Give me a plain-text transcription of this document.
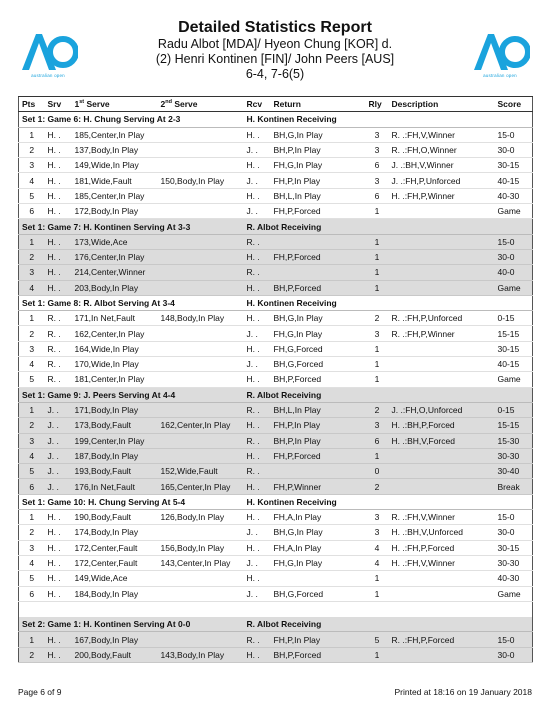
australian open
Detailed Statistics Report
Radu Albot [MDA]/ Hyeon Chung [KOR] d.
(2) Henri Kontinen [FIN]/ John Peers [AUS]
6-4, 7-6(5)	australian open
Pts	Srv	1st Serve	2nd Serve	Rcv	Return	Rly	Description	Score
Set 1: Game 6: H. Chung Serving At 2-3				H. Kontinen Receiving				
1	H. .	185,Center,In Play		H. .	BH,G,In Play	3	R. .:FH,V,Winner	15-0
2	H. .	137,Body,In Play		J. .	BH,P,In Play	3	R. .:FH,O,Winner	30-0
3	H. .	149,Wide,In Play		H. .	FH,G,In Play	6	J. .:BH,V,Winner	30-15
4	H. .	181,Wide,Fault	150,Body,In Play	J. .	FH,P,In Play	3	J. .:FH,P,Unforced	40-15
5	H. .	185,Center,In Play		H. .	BH,L,In Play	6	H. .:FH,P,Winner	40-30
6	H. .	172,Body,In Play		J. .	FH,P,Forced	1		Game
Set 1: Game 7: H. Kontinen Serving At 3-3				R. Albot Receiving				
1	H. .	173,Wide,Ace		R. .		1		15-0
2	H. .	176,Center,In Play		H. .	FH,P,Forced	1		30-0
3	H. .	214,Center,Winner		R. .		1		40-0
4	H. .	203,Body,In Play		H. .	BH,P,Forced	1		Game
Set 1: Game 8: R. Albot Serving At 3-4				H. Kontinen Receiving				
1	R. .	171,In Net,Fault	148,Body,In Play	H. .	BH,G,In Play	2	R. .:FH,P,Unforced	0-15
2	R. .	162,Center,In Play		J. .	FH,G,In Play	3	R. .:FH,P,Winner	15-15
3	R. .	164,Wide,In Play		H. .	FH,G,Forced	1		30-15
4	R. .	170,Wide,In Play		J. .	BH,G,Forced	1		40-15
5	R. .	181,Center,In Play		H. .	BH,P,Forced	1		Game
Set 1: Game 9: J. Peers Serving At 4-4				R. Albot Receiving				
1	J. .	171,Body,In Play		R. .	BH,L,In Play	2	J. .:FH,O,Unforced	0-15
2	J. .	173,Body,Fault	162,Center,In Play	H. .	FH,P,In Play	3	H. .:BH,P,Forced	15-15
3	J. .	199,Center,In Play		R. .	BH,P,In Play	6	H. .:BH,V,Forced	15-30
4	J. .	187,Body,In Play		H. .	FH,P,Forced	1		30-30
5	J. .	193,Body,Fault	152,Wide,Fault	R. .		0		30-40
6	J. .	176,In Net,Fault	165,Center,In Play	H. .	FH,P,Winner	2		Break
Set 1: Game 10: H. Chung Serving At 5-4				H. Kontinen Receiving				
1	H. .	190,Body,Fault	126,Body,In Play	H. .	FH,A,In Play	3	R. .:FH,V,Winner	15-0
2	H. .	174,Body,In Play		J. .	BH,G,In Play	3	H. .:BH,V,Unforced	30-0
3	H. .	172,Center,Fault	156,Body,In Play	H. .	FH,A,In Play	4	H. .:FH,P,Forced	30-15
4	H. .	172,Center,Fault	143,Center,In Play	J. .	FH,G,In Play	4	H. .:FH,V,Winner	30-30
5	H. .	149,Wide,Ace		H. .		1		40-30
6	H. .	184,Body,In Play		J. .	BH,G,Forced	1		Game

Set 2: Game 1: H. Kontinen Serving At 0-0				R. Albot Receiving				
1	H. .	167,Body,In Play		R. .	FH,P,In Play	5	R. .:FH,P,Forced	15-0
2	H. .	200,Body,Fault	143,Body,In Play	H. .	BH,P,Forced	1		30-0
Page 6 of 9	Printed at 18:16 on 19 January 2018
